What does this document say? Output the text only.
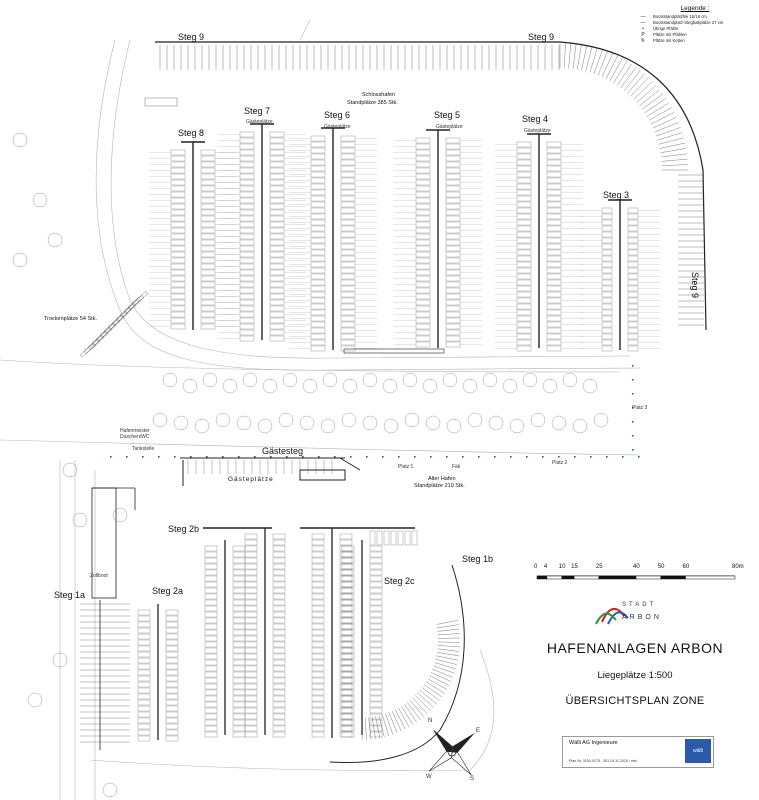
Steg 9	Steg 9
Steg 9
Steg 8
Steg 7	Steg 6	Steg 5	Steg 4
Steg 3
Gästesteg
Steg 2b
Steg 2a
Steg 2c
Steg 1a
Steg 1b
Schlosshafen
Standplätze 385 Stk.
Alter Hafen
Standplätze 210 Stk.
Trockenplätze 54 Stk.
Gästeplätze
Gästeplätze
Gästeplätze	Gästeplätze
Gästeplätze
Platz 1
Platz 2
Platz 3
Fäk
Tankstelle
Hafenmeister
Duschen/WC
Zollboot
Legende :
—	Bootsstandplätzhle 15/16 cm
—	Bootsstandplatz-Stegbaltplätze 27 cm
•	Übrige Pfähle
P	Plätze mit Pfählen
K	Plätze mit Ketten
0 4 10 15	25	40	50	60	80m
STADT
ARBON
HAFENANLAGEN ARBON
Liegeplätze 1:500
ÜBERSICHTSPLAN ZONE
N
E
W	S
Wälli AG Ingenieure
wälli
Plan Nr. 3150-0175 - 351 24.11.2020 / mei
